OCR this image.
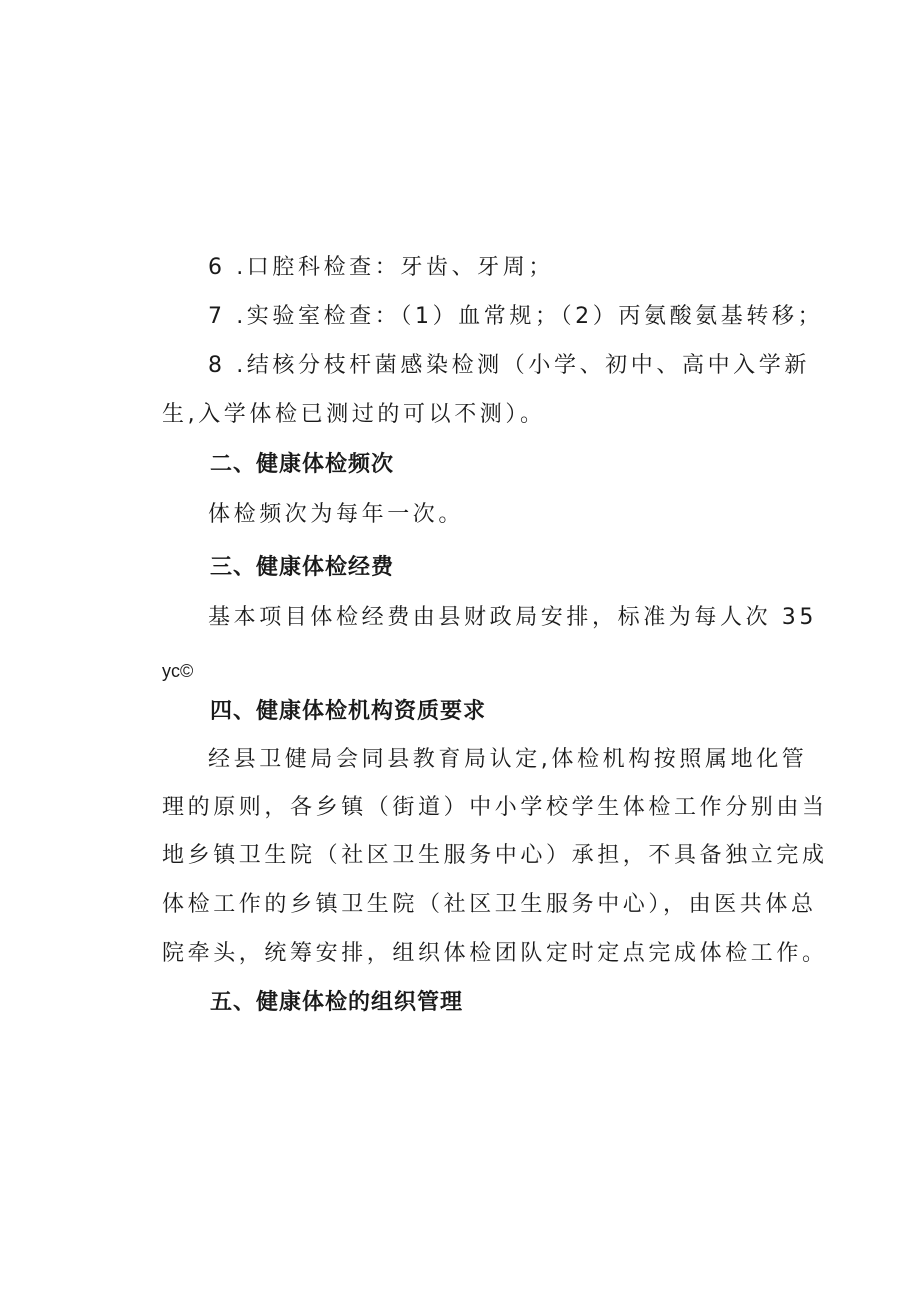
6 .口腔科检查：牙齿、牙周；
7 .实验室检查：（1）血常规；（2）丙氨酸氨基转移；
8 .结核分枝杆菌感染检测（小学、初中、高中入学新
生,入学体检已测过的可以不测）。
二、健康体检频次
体检频次为每年一次。
三、健康体检经费
基本项目体检经费由县财政局安排，标准为每人次 35
yc©
四、健康体检机构资质要求
经县卫健局会同县教育局认定,体检机构按照属地化管
理的原则，各乡镇（街道）中小学校学生体检工作分别由当
地乡镇卫生院（社区卫生服务中心）承担，不具备独立完成
体检工作的乡镇卫生院（社区卫生服务中心），由医共体总
院牵头，统筹安排，组织体检团队定时定点完成体检工作。
五、健康体检的组织管理
